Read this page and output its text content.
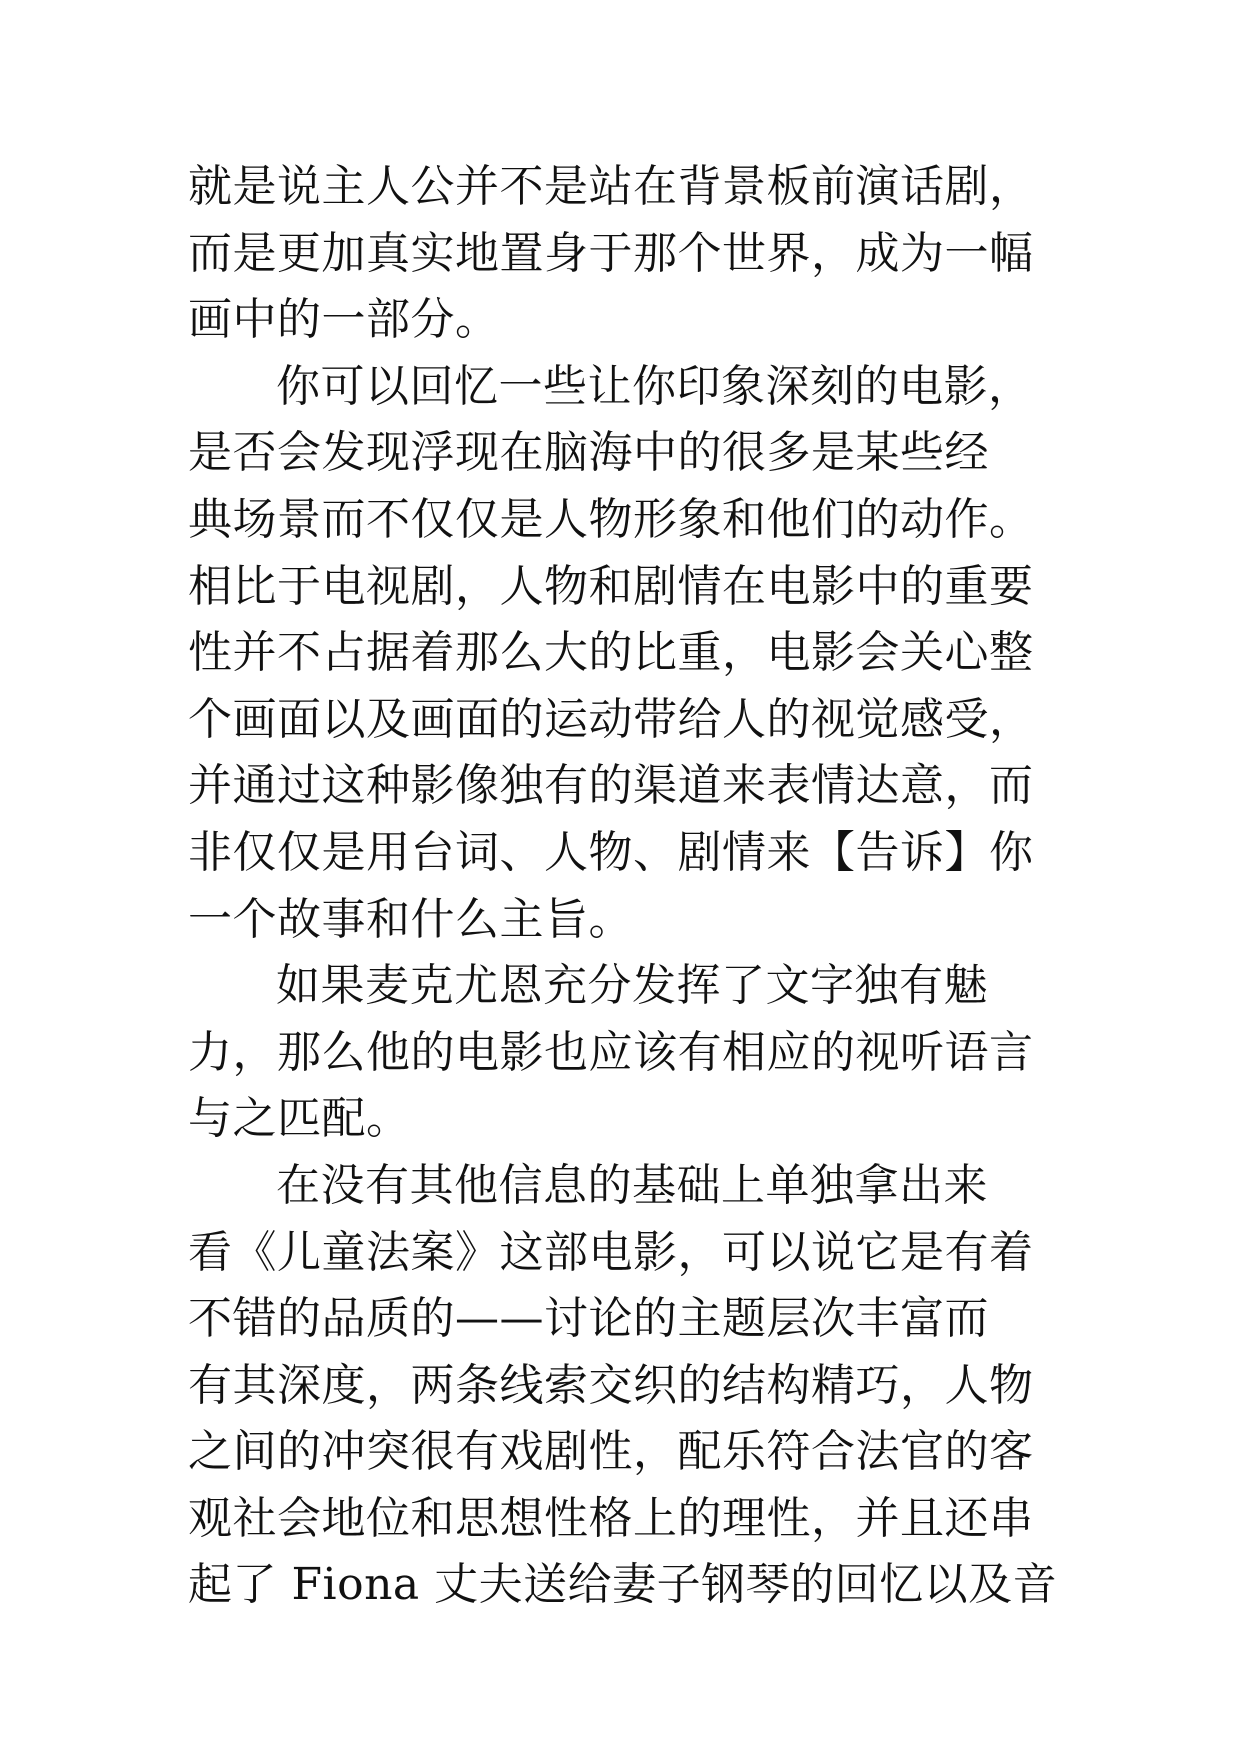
就是说主人公并不是站在背景板前演话剧，
而是更加真实地置身于那个世界，成为一幅
画中的一部分。
你可以回忆一些让你印象深刻的电影，
是否会发现浮现在脑海中的很多是某些经
典场景而不仅仅是人物形象和他们的动作。
相比于电视剧，人物和剧情在电影中的重要
性并不占据着那么大的比重，电影会关心整
个画面以及画面的运动带给人的视觉感受，
并通过这种影像独有的渠道来表情达意，而
非仅仅是用台词、人物、剧情来【告诉】你
一个故事和什么主旨。
如果麦克尤恩充分发挥了文字独有魅
力，那么他的电影也应该有相应的视听语言
与之匹配。
在没有其他信息的基础上单独拿出来
看《儿童法案》这部电影，可以说它是有着
不错的品质的——讨论的主题层次丰富而
有其深度，两条线索交织的结构精巧，人物
之间的冲突很有戏剧性，配乐符合法官的客
观社会地位和思想性格上的理性，并且还串
起了 Fiona 丈夫送给妻子钢琴的回忆以及音
